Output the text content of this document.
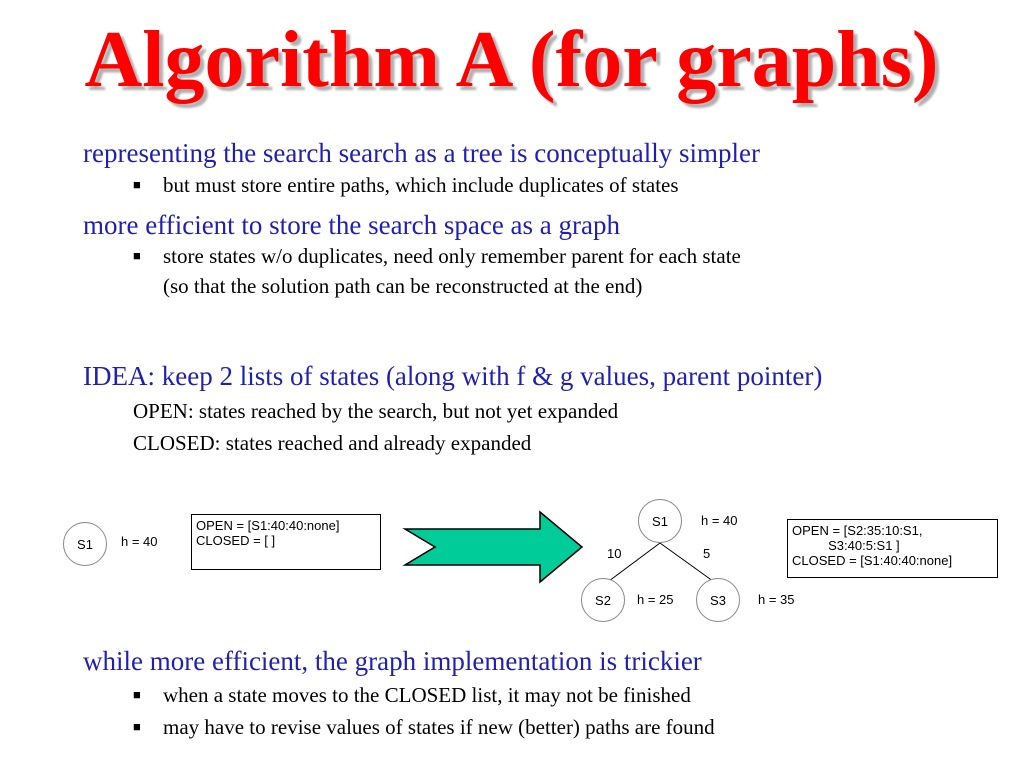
Algorithm A (for graphs)
representing the search search as a tree is conceptually simpler
■ but must store entire paths, which include duplicates of states
more efficient to store the search space as a graph
■ store states w/o duplicates, need only remember parent for each state
(so that the solution path can be reconstructed at the end)
IDEA: keep 2 lists of states (along with f & g values, parent pointer)
OPEN: states reached by the search, but not yet expanded
CLOSED: states reached and already expanded
S1 h = 40
OPEN = [S1:40:40:none]
CLOSED = [ ]
S1	h = 40
10	5
S2 h = 25	S3 h = 35
OPEN = [S2:35:10:S1,
S3:40:5:S1 ]
CLOSED = [S1:40:40:none]
while more efficient, the graph implementation is trickier
■ when a state moves to the CLOSED list, it may not be finished
■ may have to revise values of states if new (better) paths are found
